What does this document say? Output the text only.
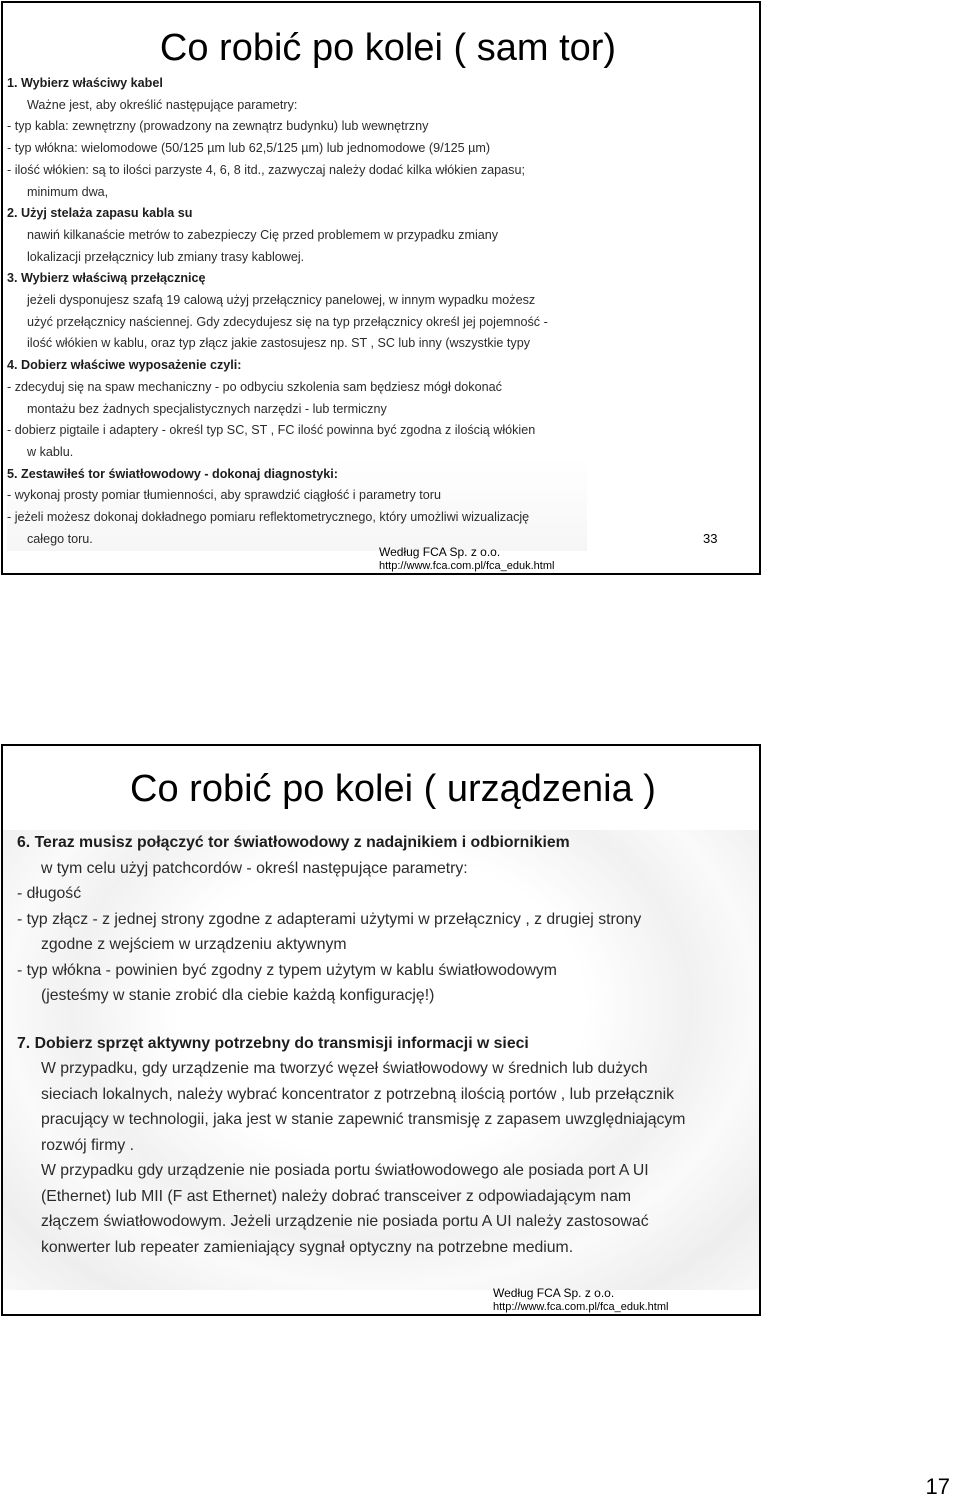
Co robić po kolei ( sam tor)
1. Wybierz właściwy kabel
Ważne jest, aby określić następujące parametry:
- typ kabla: zewnętrzny (prowadzony na zewnątrz budynku) lub wewnętrzny
- typ włókna: wielomodowe (50/125 µm lub 62,5/125 µm) lub jednomodowe (9/125 µm)
- ilość włókien: są to ilości parzyste 4, 6, 8 itd., zazwyczaj należy dodać kilka włókien zapasu;
minimum dwa,
2. Użyj stelaża zapasu kabla su
nawiń kilkanaście metrów to zabezpieczy Cię przed problemem w przypadku zmiany
lokalizacji przełącznicy lub zmiany trasy kablowej.
3. Wybierz właściwą przełącznicę
jeżeli dysponujesz szafą 19 calową użyj przełącznicy panelowej, w innym wypadku możesz
użyć przełącznicy naściennej. Gdy zdecydujesz się na typ przełącznicy określ jej pojemność -
ilość włókien w kablu, oraz typ złącz jakie zastosujesz np. ST , SC lub inny (wszystkie typy
4. Dobierz właściwe wyposażenie czyli:
- zdecyduj się na spaw mechaniczny - po odbyciu szkolenia sam będziesz mógł dokonać
montażu bez żadnych specjalistycznych narzędzi - lub termiczny
- dobierz pigtaile i adaptery - określ typ SC, ST , FC ilość powinna być zgodna z ilością włókien
w kablu.
5. Zestawiłeś tor światłowodowy - dokonaj diagnostyki:
- wykonaj prosty pomiar tłumienności, aby sprawdzić ciągłość i parametry toru
- jeżeli możesz dokonaj dokładnego pomiaru reflektometrycznego, który umożliwi wizualizację
całego toru.
Według FCA Sp. z o.o.
http://www.fca.com.pl/fca_eduk.html
33
Co robić po kolei ( urządzenia )
6. Teraz musisz połączyć tor światłowodowy z nadajnikiem i odbiornikiem
w tym celu użyj patchcordów - określ następujące parametry:
- długość
- typ złącz - z jednej strony zgodne z adapterami użytymi w przełącznicy , z drugiej strony
zgodne z wejściem w urządzeniu aktywnym
- typ włókna - powinien być zgodny z typem użytym w kablu światłowodowym
(jesteśmy w stanie zrobić dla ciebie każdą konfigurację!)
7. Dobierz sprzęt aktywny potrzebny do transmisji informacji w sieci
W przypadku, gdy urządzenie ma tworzyć węzeł światłowodowy w średnich lub dużych
sieciach lokalnych, należy wybrać koncentrator z potrzebną ilością portów , lub przełącznik
pracujący w technologii, jaka jest w stanie zapewnić transmisję z zapasem uwzględniającym
rozwój firmy .
W przypadku gdy urządzenie nie posiada portu światłowodowego ale posiada port A UI
(Ethernet) lub MII (F ast Ethernet) należy dobrać transceiver z odpowiadającym nam
złączem światłowodowym. Jeżeli urządzenie nie posiada portu A UI należy zastosować
konwerter lub repeater zamieniający sygnał optyczny na potrzebne medium.
Według FCA Sp. z o.o.
http://www.fca.com.pl/fca_eduk.html
17
